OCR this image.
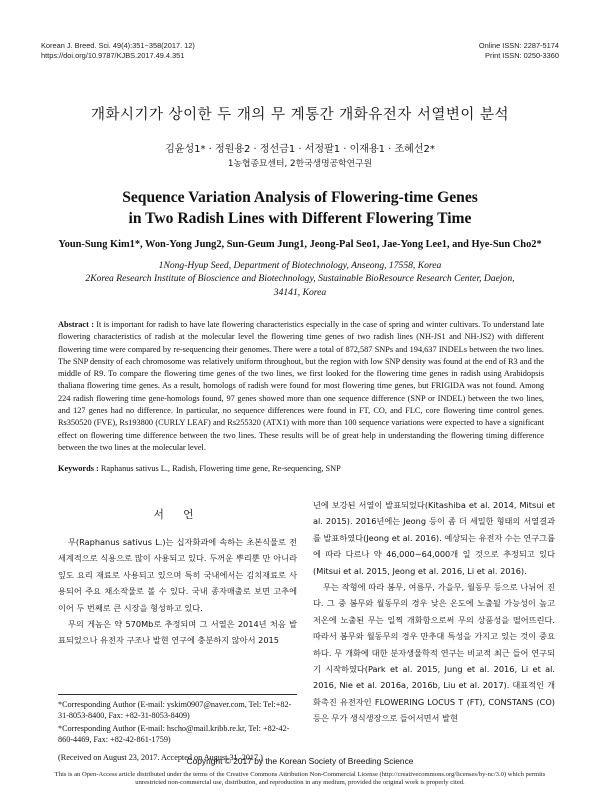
Korean J. Breed. Sci. 49(4):351~358(2017. 12)
https://doi.org/10.9787/KJBS.2017.49.4.351
Online ISSN: 2287-5174
Print ISSN: 0250-3360
개화시기가 상이한 두 개의 무 계통간 개화유전자 서열변이 분석
김윤성1* · 정원용2 · 정선금1 · 서정팔1 · 이재용1 · 조혜선2*
1농협종묘센터, 2한국생명공학연구원
Sequence Variation Analysis of Flowering-time Genes
in Two Radish Lines with Different Flowering Time
Youn-Sung Kim1*, Won-Yong Jung2, Sun-Geum Jung1, Jeong-Pal Seo1, Jae-Yong Lee1, and Hye-Sun Cho2*
1Nong-Hyup Seed, Department of Biotechnology, Anseong, 17558, Korea
2Korea Research Institute of Bioscience and Biotechnology, Sustainable BioResource Research Center, Daejon,
34141, Korea
Abstract : It is important for radish to have late flowering characteristics especially in the case of spring and winter cultivars. To understand late flowering characteristics of radish at the molecular level the flowering time genes of two radish lines (NH-JS1 and NH-JS2) with different flowering time were compared by re-sequencing their genomes. There were a total of 872,587 SNPs and 194,637 INDELs between the two lines. The SNP density of each chromosome was relatively uniform throughout, but the region with low SNP density was found at the end of R3 and the middle of R9. To compare the flowering time genes of the two lines, we first looked for the flowering time genes in radish using Arabidopsis thaliana flowering time genes. As a result, homologs of radish were found for most flowering time genes, but FRIGIDA was not found. Among 224 radish flowering time gene-homologs found, 97 genes showed more than one sequence difference (SNP or INDEL) between the two lines, and 127 genes had no difference. In particular, no sequence differences were found in FT, CO, and FLC, core flowering time control genes. Rs350520 (FVE), Rs193800 (CURLY LEAF) and Rs255320 (ATX1) with more than 100 sequence variations were expected to have a significant effect on flowering time difference between the two lines. These results will be of great help in understanding the flowering timing difference between the two lines at the molecular level.
Keywords : Raphanus sativus L., Radish, Flowering time gene, Re-sequencing, SNP
서 언

무(Raphanus sativus L.)는 십자화과에 속하는 초본식물로 전세계적으로 식용으로 많이 사용되고 있다. 두꺼운 뿌리뿐 만 아니라 잎도 요리 재료로 사용되고 있으며 특히 국내에서는 김치재료로 사용되어 주요 채소작물로 볼 수 있다. 국내 종자매출로 보면 고추에 이어 두 번째로 큰 시장을 형성하고 있다.

무의 게놈은 약 570Mb로 추정되며 그 서열은 2014년 처음 발표되었으나 유전자 구조나 발현 연구에 충분하지 않아서 2015

년에 보강된 서열이 발표되었다(Kitashiba et al. 2014, Mitsui et al. 2015). 2016년에는 Jeong 등이 좀 더 세밀한 형태의 서열결과를 발표하였다(Jeong et al. 2016). 예상되는 유전자 수는 연구그룹에 따라 다르나 약 46,000~64,000개 일 것으로 추정되고 있다(Mitsui et al. 2015, Jeong et al. 2016, Li et al. 2016).

무는 작형에 따라 봄무, 여름무, 가을무, 월동무 등으로 나뉘어 진다. 그 중 봄무와 월동무의 경우 낮은 온도에 노출될 가능성이 높고 저온에 노출된 무는 일찍 개화함으로써 무의 상품성을 떨어뜨린다. 따라서 봄무와 월동무의 경우 만추대 특성을 가지고 있는 것이 중요하다. 무 개화에 대한 분자생물학적 연구는 비교적 최근 들어 연구되기 시작하였다(Park et al. 2015, Jung et al. 2016, Li et al. 2016, Nie et al. 2016a, 2016b, Liu et al. 2017). 대표적인 개화촉진 유전자인 FLOWERING LOCUS T (FT), CONSTANS (CO) 등은 무가 생식생장으로 들어서면서 발현

*Corresponding Author (E-mail: yskim0907@naver.com, Tel: Tel:+82-31-8053-8400, Fax: +82-31-8053-8409)

*Corresponding Author (E-mail: hscho@mail.kribb.re.kr, Tel: +82-42-860-4469, Fax: +82-42-861-1759)

(Received on August 23, 2017. Accepted on August 31, 2017.)

Copyright © 2017 by the Korean Society of Breeding Science
This is an Open-Access article distributed under the terms of the Creative Commons Attribution Non-Commercial License (http://creativecommons.org/licenses/by-nc/3.0) which permits unrestricted non-commercial use, distribution, and reproduction in any medium, provided the original work is properly cited.
